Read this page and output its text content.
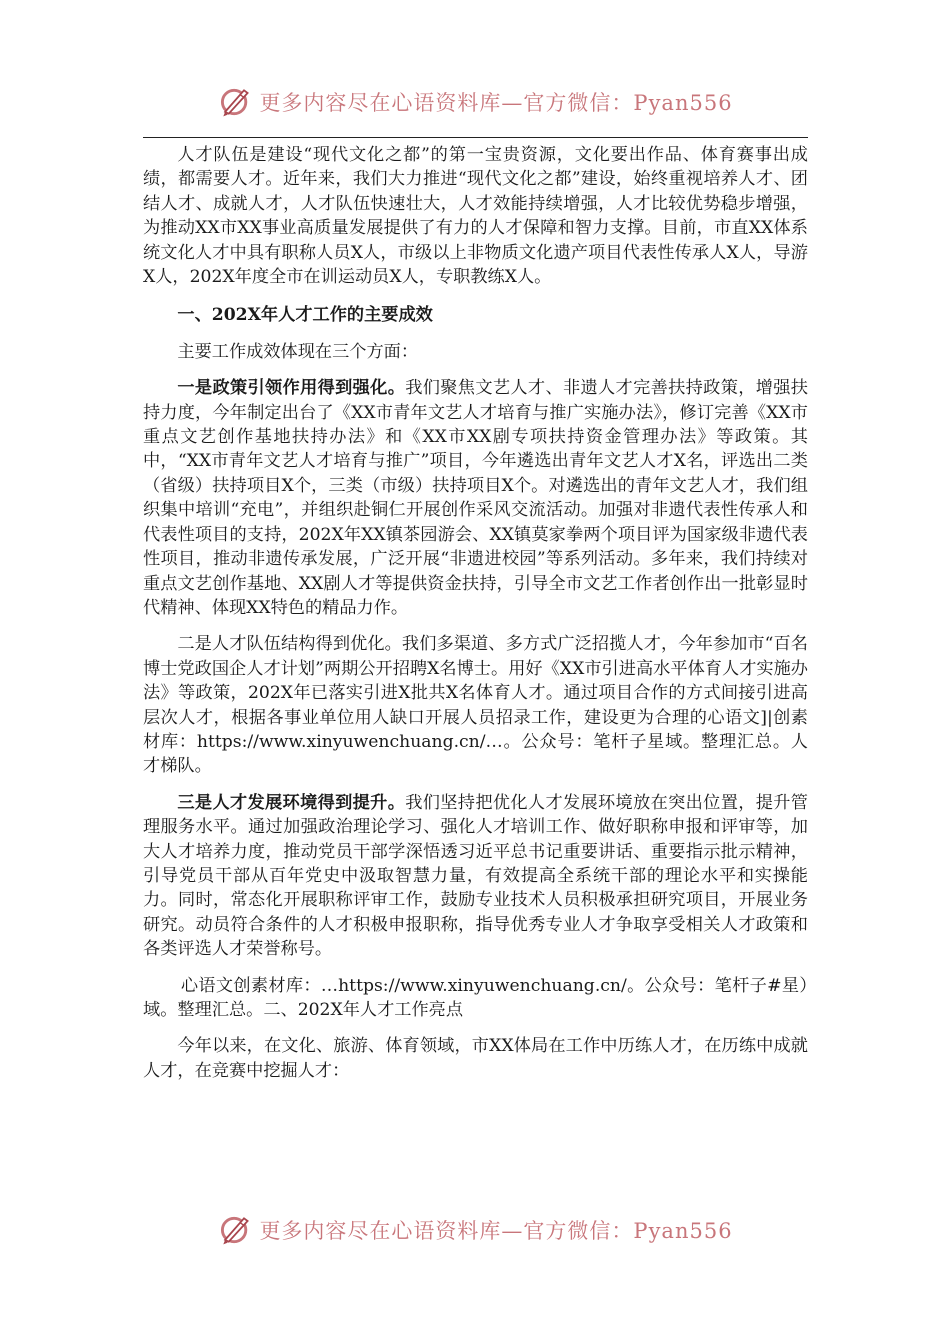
更多内容尽在心语资料库—官方微信：Pyan556

人才队伍是建设“现代文化之都”的第一宝贵资源，文化要出作品、体育赛事出成绩，都需要人才。近年来，我们大力推进“现代文化之都”建设，始终重视培养人才、团结人才、成就人才，人才队伍快速壮大，人才效能持续增强，人才比较优势稳步增强，为推动XX市XX事业高质量发展提供了有力的人才保障和智力支撑。目前，市直XX体系统文化人才中具有职称人员X人，市级以上非物质文化遗产项目代表性传承人X人，导游X人，202X年度全市在训运动员X人，专职教练X人。

一、202X年人才工作的主要成效

主要工作成效体现在三个方面：

一是政策引领作用得到强化。我们聚焦文艺人才、非遗人才完善扶持政策，增强扶持力度，今年制定出台了《XX市青年文艺人才培育与推广实施办法》，修订完善《XX市重点文艺创作基地扶持办法》和《XX市XX剧专项扶持资金管理办法》等政策。其中，“XX市青年文艺人才培育与推广”项目，今年遴选出青年文艺人才X名，评选出二类（省级）扶持项目X个，三类（市级）扶持项目X个。对遴选出的青年文艺人才，我们组织集中培训“充电”，并组织赴铜仁开展创作采风交流活动。加强对非遗代表性传承人和代表性项目的支持，202X年XX镇茶园游会、XX镇莫家拳两个项目评为国家级非遗代表性项目，推动非遗传承发展，广泛开展“非遗进校园”等系列活动。多年来，我们持续对重点文艺创作基地、XX剧人才等提供资金扶持，引导全市文艺工作者创作出一批彰显时代精神、体现XX特色的精品力作。

二是人才队伍结构得到优化。我们多渠道、多方式广泛招揽人才，今年参加市“百名博士党政国企人才计划”两期公开招聘X名博士。用好《XX市引进高水平体育人才实施办法》等政策，202X年已落实引进X批共X名体育人才。通过项目合作的方式间接引进高层次人才，根据各事业单位用人缺口开展人员招录工作，建设更为合理的心语文]|创素材库：https://www.xinyuwenchuang.cn/…。公众号：笔杆子星域。整理汇总。人才梯队。

三是人才发展环境得到提升。我们坚持把优化人才发展环境放在突出位置，提升管理服务水平。通过加强政治理论学习、强化人才培训工作、做好职称申报和评审等，加大人才培养力度，推动党员干部学深悟透习近平总书记重要讲话、重要指示批示精神，引导党员干部从百年党史中汲取智慧力量，有效提高全系统干部的理论水平和实操能力。同时，常态化开展职称评审工作，鼓励专业技术人员积极承担研究项目，开展业务研究。动员符合条件的人才积极申报职称，指导优秀专业人才争取享受相关人才政策和各类评选人才荣誉称号。

心语文创素材库：…https://www.xinyuwenchuang.cn/。公众号：笔杆子#星）域。整理汇总。二、202X年人才工作亮点

今年以来，在文化、旅游、体育领域，市XX体局在工作中历练人才，在历练中成就人才，在竞赛中挖掘人才：

更多内容尽在心语资料库—官方微信：Pyan556
